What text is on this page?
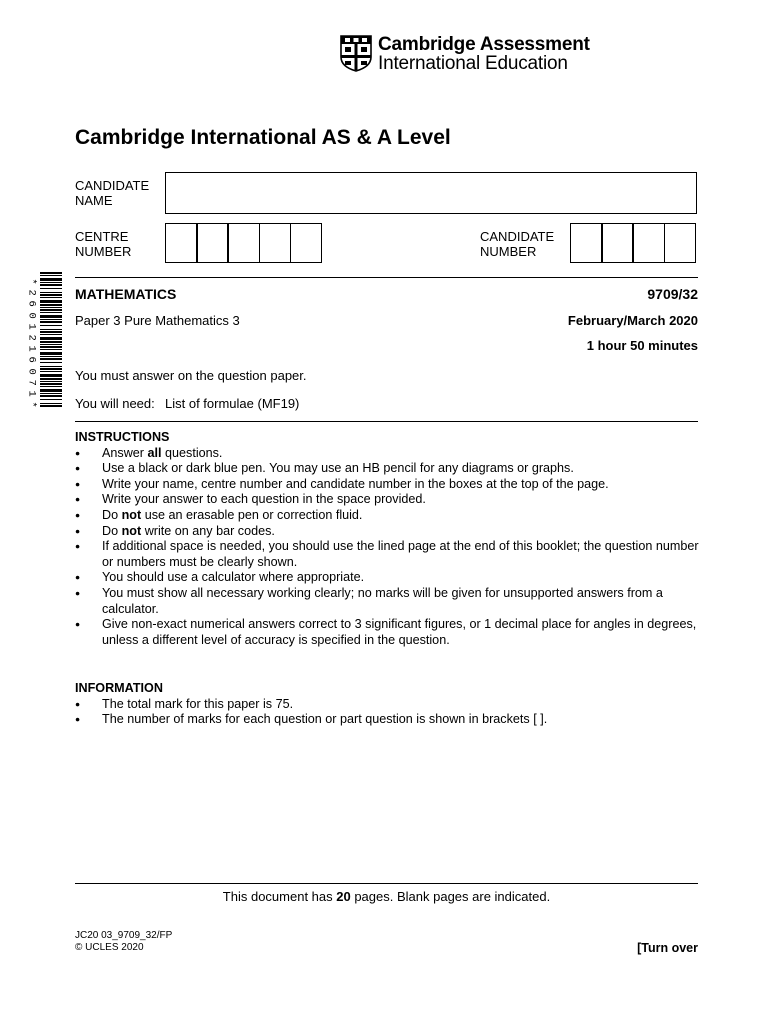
Cambridge Assessment
International Education
Cambridge International AS & A Level
CANDIDATE
NAME
CENTRE
NUMBER
CANDIDATE
NUMBER
*
2
6
0
1
2
1
6
0
7
1
*
MATHEMATICS	9709/32
Paper 3 Pure Mathematics 3	February/March 2020
1 hour 50 minutes
You must answer on the question paper.
You will need: List of formulae (MF19)
INSTRUCTIONS
● Answer all questions.
● Use a black or dark blue pen. You may use an HB pencil for any diagrams or graphs.
● Write your name, centre number and candidate number in the boxes at the top of the page.
● Write your answer to each question in the space provided.
● Do not use an erasable pen or correction fluid.
● Do not write on any bar codes.
● If additional space is needed, you should use the lined page at the end of this booklet; the question number or numbers must be clearly shown.
● You should use a calculator where appropriate.
● You must show all necessary working clearly; no marks will be given for unsupported answers from a calculator.
● Give non-exact numerical answers correct to 3 significant figures, or 1 decimal place for angles in degrees, unless a different level of accuracy is specified in the question.
INFORMATION
● The total mark for this paper is 75.
● The number of marks for each question or part question is shown in brackets [ ].
This document has 20 pages. Blank pages are indicated.
JC20 03_9709_32/FP
© UCLES 2020	[Turn over
